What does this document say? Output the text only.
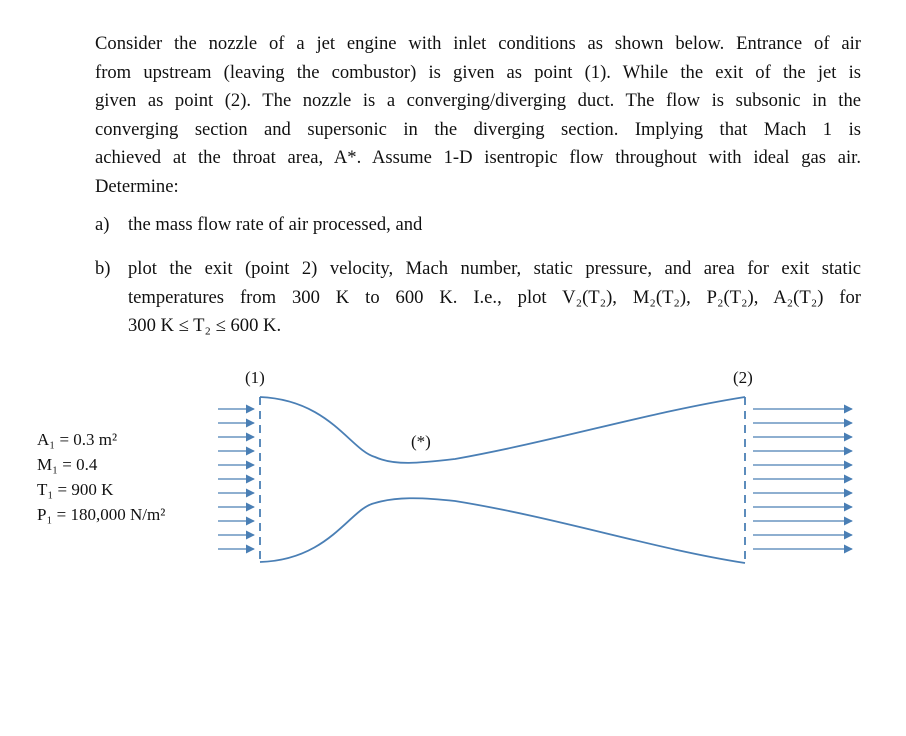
Consider the nozzle of a jet engine with inlet conditions as shown below. Entrance of air
from upstream (leaving the combustor) is given as point (1). While the exit of the jet is
given as point (2). The nozzle is a converging/diverging duct. The flow is subsonic in the
converging section and supersonic in the diverging section. Implying that Mach 1 is
achieved at the throat area, A*. Assume 1-D isentropic flow throughout with ideal gas air.
Determine:
a) the mass flow rate of air processed, and
b) plot the exit (point 2) velocity, Mach number, static pressure, and area for exit static
temperatures from 300 K to 600 K. I.e., plot V₂(T₂), M₂(T₂), P₂(T₂), A₂(T₂) for
300 K ≤ T₂ ≤ 600 K.
A₁ = 0.3 m²
M₁ = 0.4
T₁ = 900 K
P₁ = 180,000 N/m²
(1)	(2)
(*)
